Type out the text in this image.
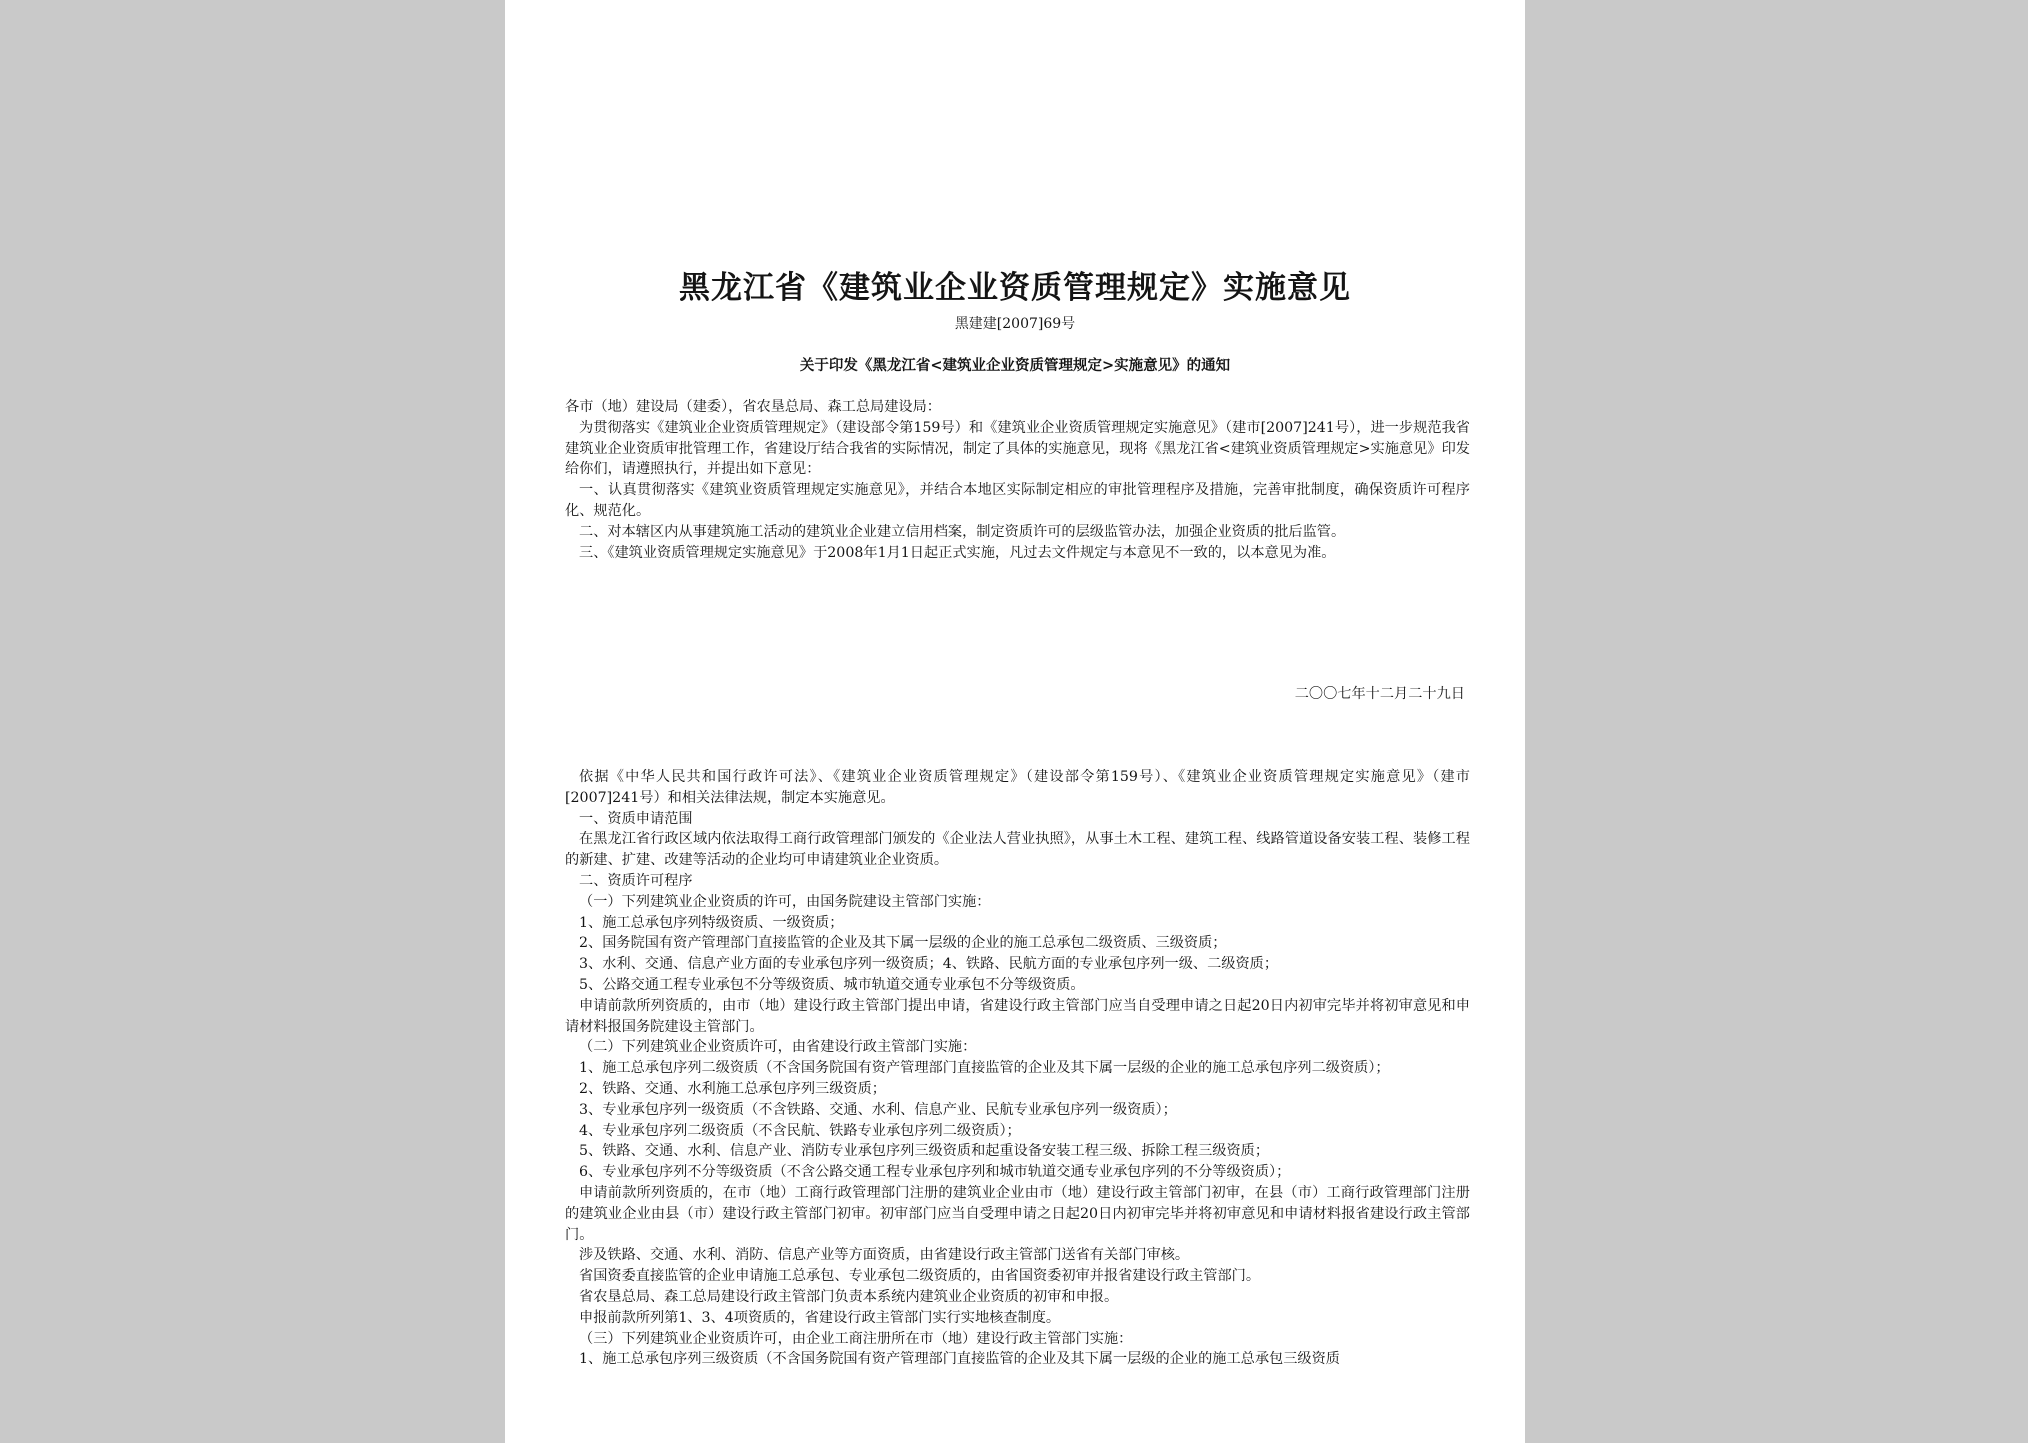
黑龙江省《建筑业企业资质管理规定》实施意见
黑建建[2007]69号
关于印发《黑龙江省<建筑业企业资质管理规定>实施意见》的通知

各市（地）建设局（建委），省农垦总局、森工总局建设局：

为贯彻落实《建筑业企业资质管理规定》（建设部令第159号）和《建筑业企业资质管理规定实施意见》（建市[2007]241号），进一步规范我省建筑业企业资质审批管理工作，省建设厅结合我省的实际情况，制定了具体的实施意见，现将《黑龙江省<建筑业资质管理规定>实施意见》印发给你们，请遵照执行，并提出如下意见：

一、认真贯彻落实《建筑业资质管理规定实施意见》，并结合本地区实际制定相应的审批管理程序及措施，完善审批制度，确保资质许可程序化、规范化。

二、对本辖区内从事建筑施工活动的建筑业企业建立信用档案，制定资质许可的层级监管办法，加强企业资质的批后监管。

三、《建筑业资质管理规定实施意见》于2008年1月1日起正式实施，凡过去文件规定与本意见不一致的，以本意见为准。

二〇〇七年十二月二十九日

依据《中华人民共和国行政许可法》、《建筑业企业资质管理规定》（建设部令第159号）、《建筑业企业资质管理规定实施意见》（建市[2007]241号）和相关法律法规，制定本实施意见。

一、资质申请范围

在黑龙江省行政区域内依法取得工商行政管理部门颁发的《企业法人营业执照》，从事土木工程、建筑工程、线路管道设备安装工程、装修工程的新建、扩建、改建等活动的企业均可申请建筑业企业资质。

二、资质许可程序

（一）下列建筑业企业资质的许可，由国务院建设主管部门实施：

1、施工总承包序列特级资质、一级资质；

2、国务院国有资产管理部门直接监管的企业及其下属一层级的企业的施工总承包二级资质、三级资质；

3、水利、交通、信息产业方面的专业承包序列一级资质；4、铁路、民航方面的专业承包序列一级、二级资质；

5、公路交通工程专业承包不分等级资质、城市轨道交通专业承包不分等级资质。

申请前款所列资质的，由市（地）建设行政主管部门提出申请，省建设行政主管部门应当自受理申请之日起20日内初审完毕并将初审意见和申请材料报国务院建设主管部门。

（二）下列建筑业企业资质许可，由省建设行政主管部门实施：

1、施工总承包序列二级资质（不含国务院国有资产管理部门直接监管的企业及其下属一层级的企业的施工总承包序列二级资质）；

2、铁路、交通、水利施工总承包序列三级资质；

3、专业承包序列一级资质（不含铁路、交通、水利、信息产业、民航专业承包序列一级资质）；

4、专业承包序列二级资质（不含民航、铁路专业承包序列二级资质）；

5、铁路、交通、水利、信息产业、消防专业承包序列三级资质和起重设备安装工程三级、拆除工程三级资质；

6、专业承包序列不分等级资质（不含公路交通工程专业承包序列和城市轨道交通专业承包序列的不分等级资质）；

申请前款所列资质的，在市（地）工商行政管理部门注册的建筑业企业由市（地）建设行政主管部门初审，在县（市）工商行政管理部门注册的建筑业企业由县（市）建设行政主管部门初审。初审部门应当自受理申请之日起20日内初审完毕并将初审意见和申请材料报省建设行政主管部门。

涉及铁路、交通、水利、消防、信息产业等方面资质，由省建设行政主管部门送省有关部门审核。

省国资委直接监管的企业申请施工总承包、专业承包二级资质的，由省国资委初审并报省建设行政主管部门。

省农垦总局、森工总局建设行政主管部门负责本系统内建筑业企业资质的初审和申报。

申报前款所列第1、3、4项资质的，省建设行政主管部门实行实地核查制度。

（三）下列建筑业企业资质许可，由企业工商注册所在市（地）建设行政主管部门实施：

1、施工总承包序列三级资质（不含国务院国有资产管理部门直接监管的企业及其下属一层级的企业的施工总承包三级资质
